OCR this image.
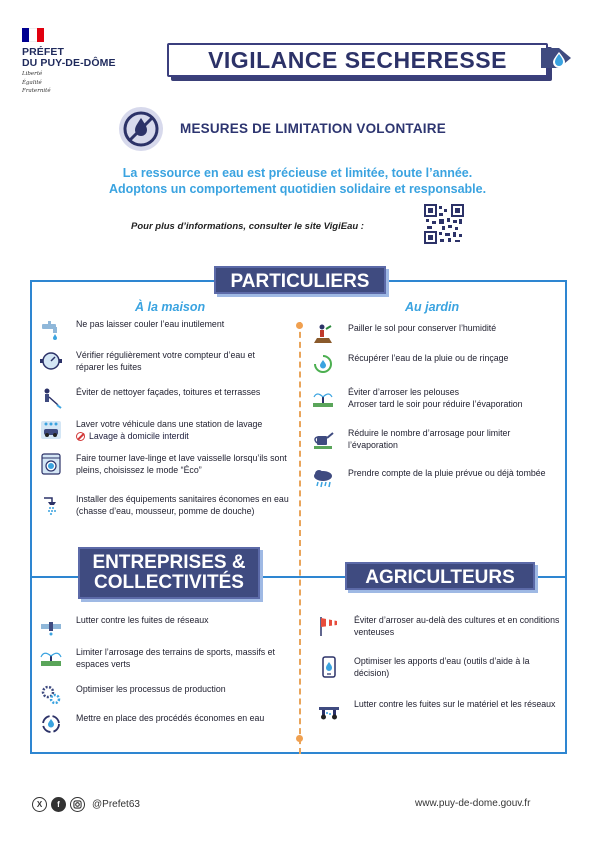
PRÉFET
DU PUY-DE-DÔME
Liberté
Égalité
Fraternité
VIGILANCE SECHERESSE
MESURES DE LIMITATION VOLONTAIRE
La ressource en eau est précieuse et limitée, toute l’année.
Adoptons un comportement quotidien solidaire et responsable.
Pour plus d’informations, consulter le site VigiEau :
PARTICULIERS
À la maison	Au jardin
Ne pas laisser couler l’eau inutilement
Vérifier régulièrement votre compteur d’eau et réparer les fuites
Éviter de nettoyer façades, toitures et terrasses
Laver votre véhicule dans une station de lavage
Lavage à domicile interdit
Faire tourner lave-linge et lave vaisselle lorsqu’ils sont pleins, choisissez le mode “Éco”
Installer des équipements sanitaires économes en eau (chasse d’eau, mousseur, pomme de douche)
Pailler le sol pour conserver l’humidité
Récupérer l’eau de la pluie ou de rinçage
Éviter d’arroser les pelouses
Arroser tard le soir pour réduire l’évaporation
Réduire le nombre d’arrosage pour limiter l’évaporation
Prendre compte de la pluie prévue ou déjà tombée
ENTREPRISES &
COLLECTIVITÉS
Lutter contre les fuites de réseaux
Limiter l’arrosage des terrains de sports, massifs et espaces verts
Optimiser les processus de production
Mettre en place des procédés économes en eau
AGRICULTEURS
Éviter d’arroser au-delà des cultures et en conditions venteuses
Optimiser les apports d’eau (outils d’aide à la décision)
Lutter contre les fuites sur le matériel et les réseaux
X	f	@Prefet63	www.puy-de-dome.gouv.fr
